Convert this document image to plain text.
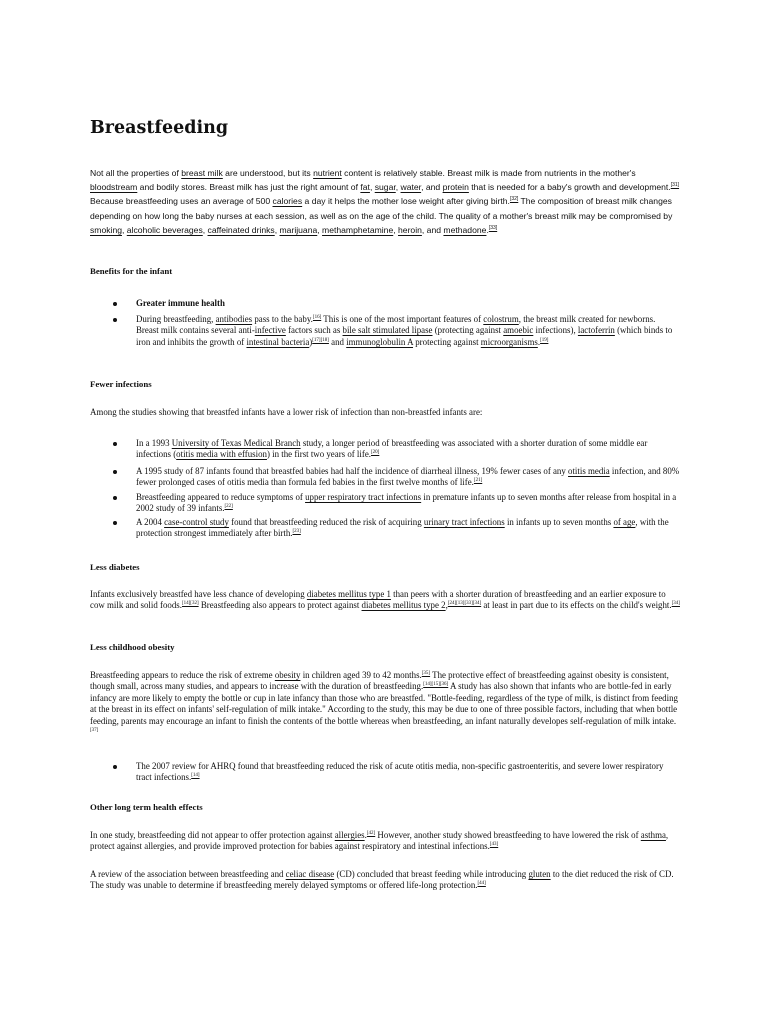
Breastfeeding

Not all the properties of breast milk are understood, but its nutrient content is relatively stable. Breast milk is made from nutrients in the mother's bloodstream and bodily stores. Breast milk has just the right amount of fat, sugar, water, and protein that is needed for a baby's growth and development.[31] Because breastfeeding uses an average of 500 calories a day it helps the mother lose weight after giving birth.[32] The composition of breast milk changes depending on how long the baby nurses at each session, as well as on the age of the child. The quality of a mother's breast milk may be compromised by smoking, alcoholic beverages, caffeinated drinks, marijuana, methamphetamine, heroin, and methadone.[33]

Benefits for the infant

Greater immune health

During breastfeeding, antibodies pass to the baby.[16] This is one of the most important features of colostrum, the breast milk created for newborns. Breast milk contains several anti-infective factors such as bile salt stimulated lipase (protecting against amoebic infections), lactoferrin (which binds to iron and inhibits the growth of intestinal bacteria)[17][18] and immunoglobulin A protecting against microorganisms.[19]

Fewer infections

Among the studies showing that breastfed infants have a lower risk of infection than non-breastfed infants are:

In a 1993 University of Texas Medical Branch study, a longer period of breastfeeding was associated with a shorter duration of some middle ear infections (otitis media with effusion) in the first two years of life.[20]

A 1995 study of 87 infants found that breastfed babies had half the incidence of diarrheal illness, 19% fewer cases of any otitis media infection, and 80% fewer prolonged cases of otitis media than formula fed babies in the first twelve months of life.[21]

Breastfeeding appeared to reduce symptoms of upper respiratory tract infections in premature infants up to seven months after release from hospital in a 2002 study of 39 infants.[22]

A 2004 case-control study found that breastfeeding reduced the risk of acquiring urinary tract infections in infants up to seven months of age, with the protection strongest immediately after birth.[23]

Less diabetes

Infants exclusively breastfed have less chance of developing diabetes mellitus type 1 than peers with a shorter duration of breastfeeding and an earlier exposure to cow milk and solid foods.[14][32] Breastfeeding also appears to protect against diabetes mellitus type 2,[24][13][33][34] at least in part due to its effects on the child's weight.[34]

Less childhood obesity

Breastfeeding appears to reduce the risk of extreme obesity in children aged 39 to 42 months.[35] The protective effect of breastfeeding against obesity is consistent, though small, across many studies, and appears to increase with the duration of breastfeeding.[14][15][36] A study has also shown that infants who are bottle-fed in early infancy are more likely to empty the bottle or cup in late infancy than those who are breastfed. "Bottle-feeding, regardless of the type of milk, is distinct from feeding at the breast in its effect on infants' self-regulation of milk intake." According to the study, this may be due to one of three possible factors, including that when bottle feeding, parents may encourage an infant to finish the contents of the bottle whereas when breastfeeding, an infant naturally developes self-regulation of milk intake.[37]

The 2007 review for AHRQ found that breastfeeding reduced the risk of acute otitis media, non-specific gastroenteritis, and severe lower respiratory tract infections.[14]

Other long term health effects

In one study, breastfeeding did not appear to offer protection against allergies.[42] However, another study showed breastfeeding to have lowered the risk of asthma, protect against allergies, and provide improved protection for babies against respiratory and intestinal infections.[43]

A review of the association between breastfeeding and celiac disease (CD) concluded that breast feeding while introducing gluten to the diet reduced the risk of CD. The study was unable to determine if breastfeeding merely delayed symptoms or offered life-long protection.[44]
